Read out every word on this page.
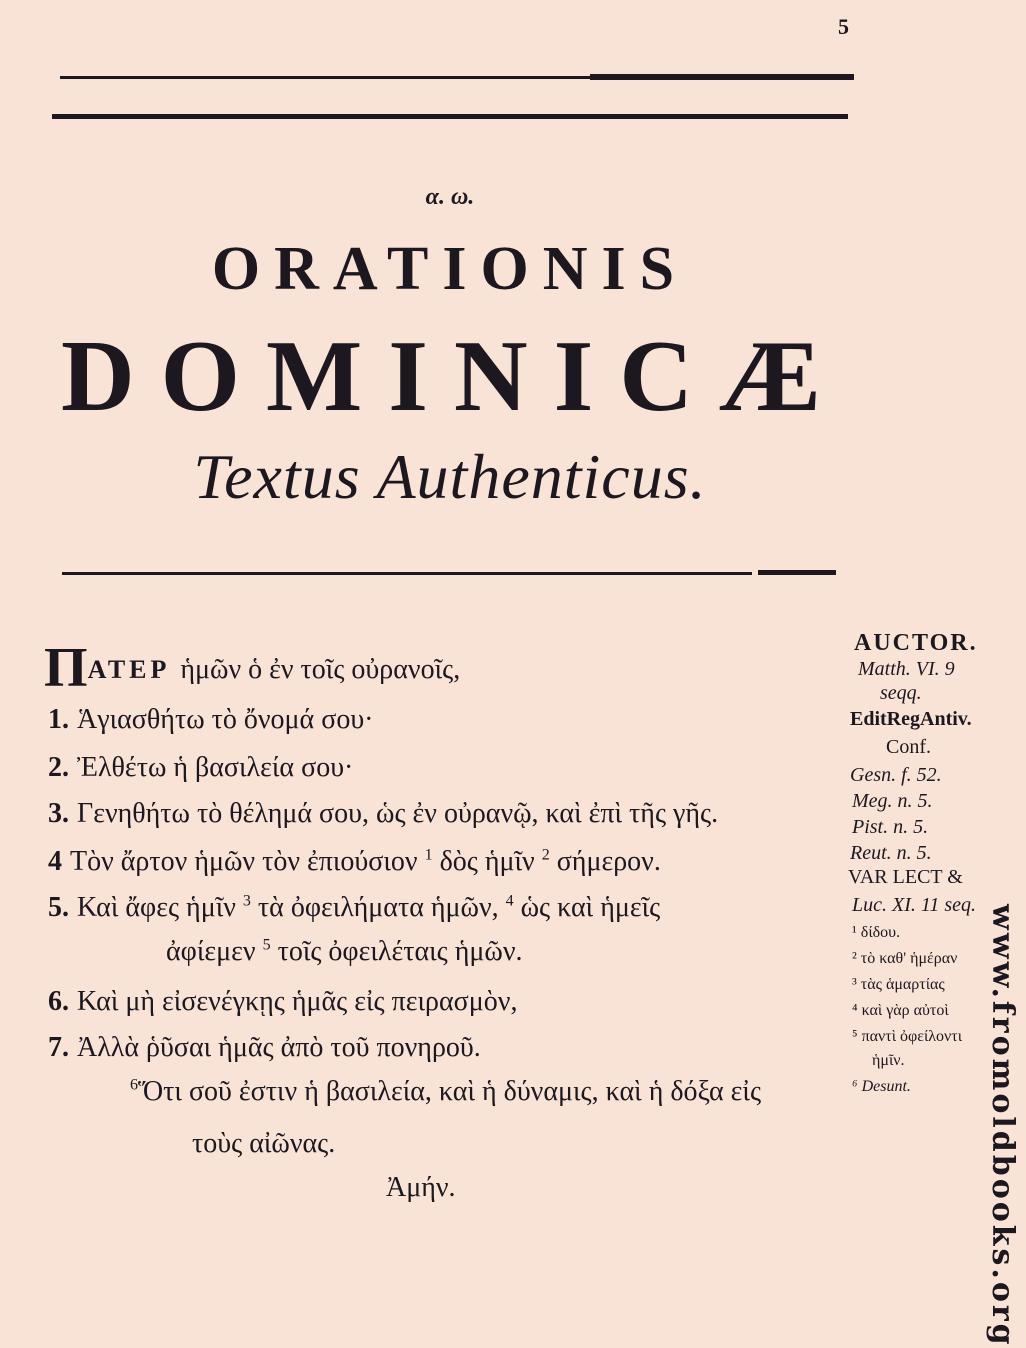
5
α. ω.
ORATIONIS
DOMINICÆ
Textus Authenticus.
ΠΑΤΕΡ ἡμῶν ὁ ἐν τοῖς οὐρανοῖς,
1. Ἁγιασθήτω τὸ ὄνομά σου·
2. Ἐλθέτω ἡ βασιλεία σου·
3. Γενηθήτω τὸ θέλημά σου, ὡς ἐν οὐρανῷ, καὶ ἐπὶ τῆς γῆς.
4 Τὸν ἄρτον ἡμῶν τὸν ἐπιούσιον $^1$ δὸς ἡμῖν $^2$ σήμερον.
5. Καὶ ἄφες ἡμῖν $^3$ τὰ ὀφειλήματα ἡμῶν, $^4$ ὡς καὶ ἡμεῖς
ἀφίεμεν $^5$ τοῖς ὀφειλέταις ἡμῶν.
6. Καὶ μὴ εἰσενέγκῃς ἡμᾶς εἰς πειρασμὸν,
7. Ἀλλὰ ῥῦσαι ἡμᾶς ἀπὸ τοῦ πονηροῦ.
$^6$Ὅτι σοῦ ἐστιν ἡ βασιλεία, καὶ ἡ δύναμις, καὶ ἡ δόξα εἰς
τοὺς αἰῶνας.
Ἀμήν.
AUCTOR.
Matth. VI. 9
seqq.
EditRegAntiv.
Conf.
Gesn. f. 52.
Meg. n. 5.
Pist. n. 5.
Reut. n. 5.
VAR LECT &
Luc. XI. 11 seq.
¹ δίδου.
² τὸ καθ' ἡμέραν
³ τὰς ἁμαρτίας
⁴ καὶ γὰρ αὐτοὶ
⁵ παντὶ ὀφείλοντι
ἡμῖν.
⁶ Desunt.	www.fromoldbooks.org
